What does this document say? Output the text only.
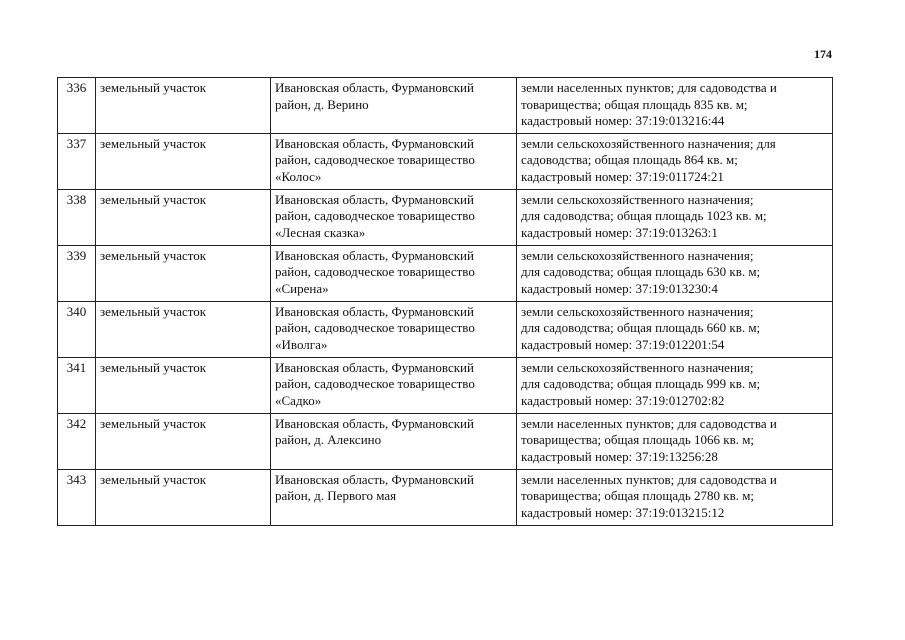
174
336	земельный участок	Ивановская область, Фурмановский
район, д. Верино	земли населенных пунктов; для садоводства и
товарищества; общая площадь 835 кв. м;
кадастровый номер: 37:19:013216:44

337	земельный участок	Ивановская область, Фурмановский
район, садоводческое товарищество
«Колос»	земли сельскохозяйственного назначения; для
садоводства; общая площадь 864 кв. м;
кадастровый номер: 37:19:011724:21

338	земельный участок	Ивановская область, Фурмановский
район, садоводческое товарищество
«Лесная сказка»	земли сельскохозяйственного назначения;
для садоводства; общая площадь 1023 кв. м;
кадастровый номер: 37:19:013263:1

339	земельный участок	Ивановская область, Фурмановский
район, садоводческое товарищество
«Сирена»	земли сельскохозяйственного назначения;
для садоводства; общая площадь 630 кв. м;
кадастровый номер: 37:19:013230:4

340	земельный участок	Ивановская область, Фурмановский
район, садоводческое товарищество
«Иволга»	земли сельскохозяйственного назначения;
для садоводства; общая площадь 660 кв. м;
кадастровый номер: 37:19:012201:54

341	земельный участок	Ивановская область, Фурмановский
район, садоводческое товарищество
«Садко»	земли сельскохозяйственного назначения;
для садоводства; общая площадь 999 кв. м;
кадастровый номер: 37:19:012702:82

342	земельный участок	Ивановская область, Фурмановский
район, д. Алексино	земли населенных пунктов; для садоводства и
товарищества; общая площадь 1066 кв. м;
кадастровый номер: 37:19:13256:28

343	земельный участок	Ивановская область, Фурмановский
район, д. Первого мая	земли населенных пунктов; для садоводства и
товарищества; общая площадь 2780 кв. м;
кадастровый номер: 37:19:013215:12
